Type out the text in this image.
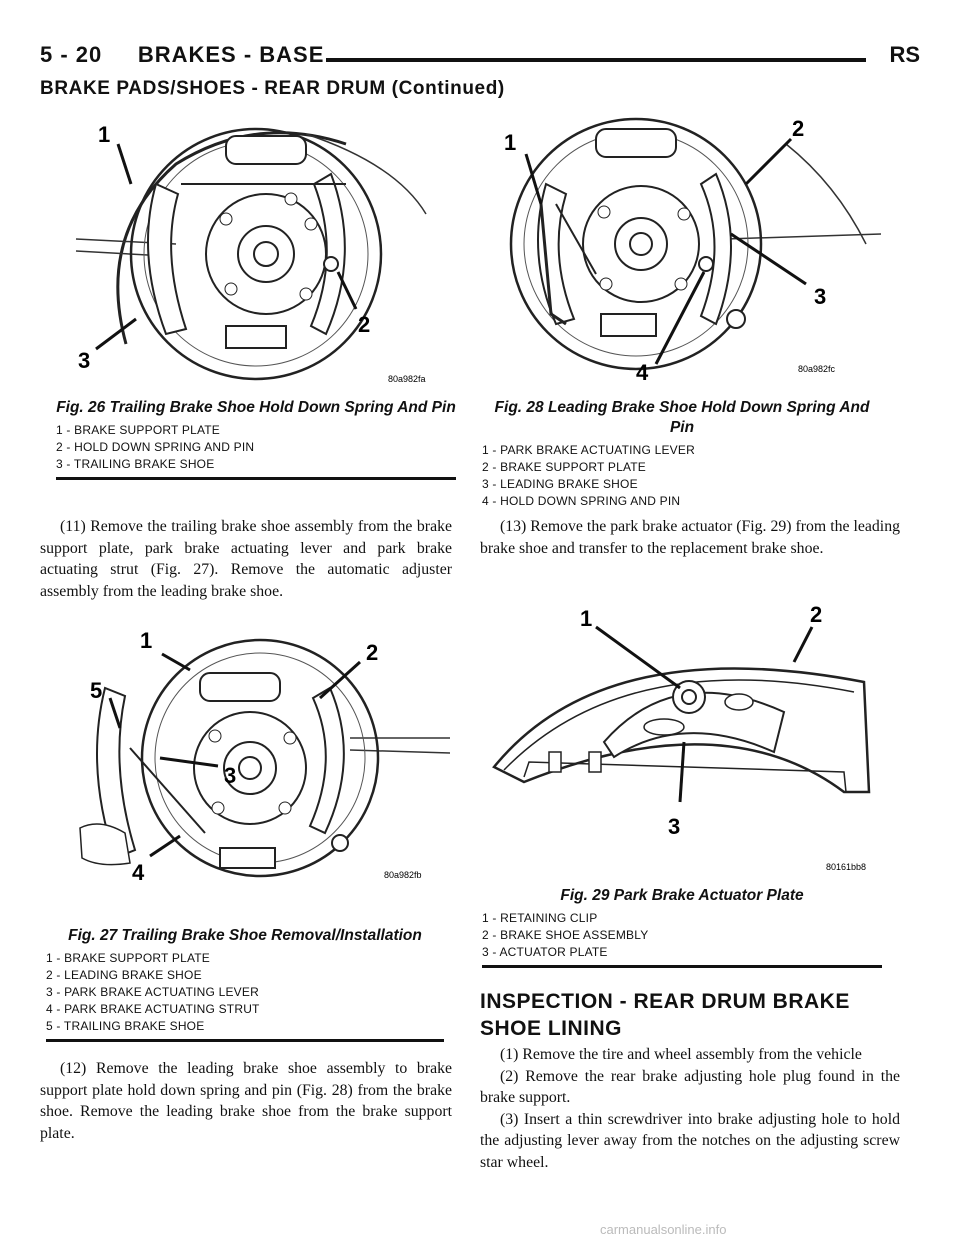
5 - 20     BRAKES - BASE	RS
BRAKE PADS/SHOES - REAR DRUM (Continued)
1
2
3
80a982fa
Fig. 26 Trailing Brake Shoe Hold Down Spring And Pin
1 - BRAKE SUPPORT PLATE
2 - HOLD DOWN SPRING AND PIN
3 - TRAILING BRAKE SHOE
1
2
3
4	80a982fc
Fig. 28 Leading Brake Shoe Hold Down Spring And Pin
1 - PARK BRAKE ACTUATING LEVER
2 - BRAKE SUPPORT PLATE
3 - LEADING BRAKE SHOE
4 - HOLD DOWN SPRING AND PIN

(11) Remove the trailing brake shoe assembly from the brake support plate, park brake actuating lever and park brake actuating strut (Fig. 27). Remove the automatic adjuster assembly from the leading brake shoe.

(13) Remove the park brake actuator (Fig. 29) from the leading brake shoe and transfer to the replacement brake shoe.

1	2
3
4
5
80a982fb
Fig. 27 Trailing Brake Shoe Removal/Installation
1 - BRAKE SUPPORT PLATE
2 - LEADING BRAKE SHOE
3 - PARK BRAKE ACTUATING LEVER
4 - PARK BRAKE ACTUATING STRUT
5 - TRAILING BRAKE SHOE
1	2
3
80161bb8
Fig. 29 Park Brake Actuator Plate
1 - RETAINING CLIP
2 - BRAKE SHOE ASSEMBLY
3 - ACTUATOR PLATE

(12) Remove the leading brake shoe assembly to brake support plate hold down spring and pin (Fig. 28) from the brake shoe. Remove the leading brake shoe from the brake support plate.

INSPECTION - REAR DRUM BRAKE SHOE LINING

(1) Remove the tire and wheel assembly from the vehicle

(2) Remove the rear brake adjusting hole plug found in the brake support.

(3) Insert a thin screwdriver into brake adjusting hole to hold the adjusting lever away from the notches on the adjusting screw star wheel.

carmanualsonline.info
